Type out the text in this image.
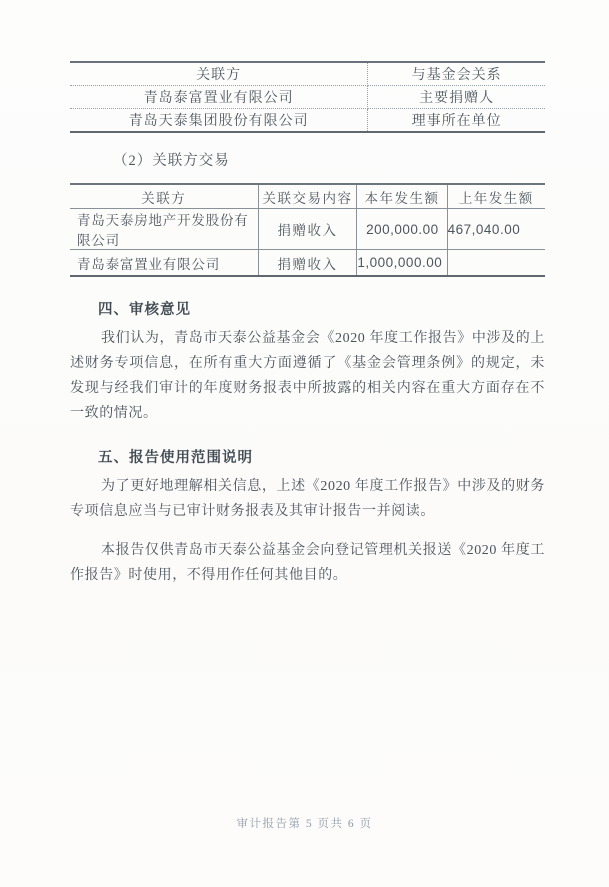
关联方	与基金会关系
青岛泰富置业有限公司	主要捐赠人
青岛天泰集团股份有限公司	理事所在单位
（2）关联方交易
关联方	关联交易内容	本年发生额	上年发生额
青岛天泰房地产开发股份有限公司	捐赠收入	200,000.00	467,040.00
青岛泰富置业有限公司	捐赠收入	1,000,000.00	
四、审核意见

我们认为，青岛市天泰公益基金会《2020 年度工作报告》中涉及的上述财务专项信息，在所有重大方面遵循了《基金会管理条例》的规定，未发现与经我们审计的年度财务报表中所披露的相关内容在重大方面存在不一致的情况。

五、报告使用范围说明

为了更好地理解相关信息，上述《2020 年度工作报告》中涉及的财务专项信息应当与已审计财务报表及其审计报告一并阅读。

本报告仅供青岛市天泰公益基金会向登记管理机关报送《2020 年度工作报告》时使用，不得用作任何其他目的。

审计报告第 5 页共 6 页
